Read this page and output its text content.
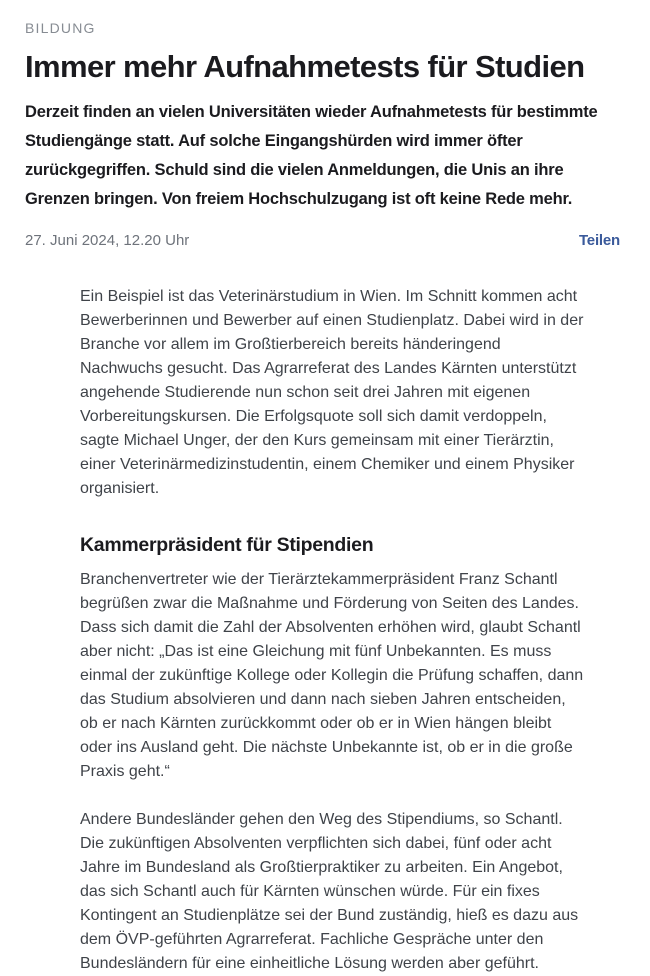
BILDUNG
Immer mehr Aufnahmetests für Studien

Derzeit finden an vielen Universitäten wieder Aufnahmetests für bestimmte Studiengänge statt. Auf solche Eingangshürden wird immer öfter zurückgegriffen. Schuld sind die vielen Anmeldungen, die Unis an ihre Grenzen bringen. Von freiem Hochschulzugang ist oft keine Rede mehr.

27. Juni 2024, 12.20 Uhr	Teilen

Ein Beispiel ist das Veterinärstudium in Wien. Im Schnitt kommen acht Bewerberinnen und Bewerber auf einen Studienplatz. Dabei wird in der Branche vor allem im Großtierbereich bereits händeringend Nachwuchs gesucht. Das Agrarreferat des Landes Kärnten unterstützt angehende Studierende nun schon seit drei Jahren mit eigenen Vorbereitungskursen. Die Erfolgsquote soll sich damit verdoppeln, sagte Michael Unger, der den Kurs gemeinsam mit einer Tierärztin, einer Veterinärmedizinstudentin, einem Chemiker und einem Physiker organisiert.

Kammerpräsident für Stipendien

Branchenvertreter wie der Tierärztekammerpräsident Franz Schantl begrüßen zwar die Maßnahme und Förderung von Seiten des Landes. Dass sich damit die Zahl der Absolventen erhöhen wird, glaubt Schantl aber nicht: „Das ist eine Gleichung mit fünf Unbekannten. Es muss einmal der zukünftige Kollege oder Kollegin die Prüfung schaffen, dann das Studium absolvieren und dann nach sieben Jahren entscheiden, ob er nach Kärnten zurückkommt oder ob er in Wien hängen bleibt oder ins Ausland geht. Die nächste Unbekannte ist, ob er in die große Praxis geht.“

Andere Bundesländer gehen den Weg des Stipendiums, so Schantl. Die zukünftigen Absolventen verpflichten sich dabei, fünf oder acht Jahre im Bundesland als Großtierpraktiker zu arbeiten. Ein Angebot, das sich Schantl auch für Kärnten wünschen würde. Für ein fixes Kontingent an Studienplätze sei der Bund zuständig, hieß es dazu aus dem ÖVP-geführten Agrarreferat. Fachliche Gespräche unter den Bundesländern für eine einheitliche Lösung werden aber geführt.
